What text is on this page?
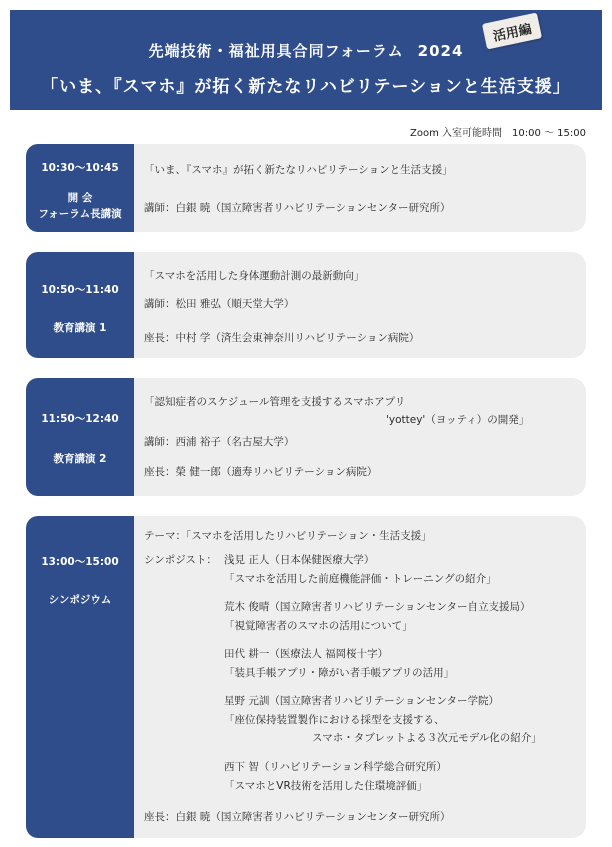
先端技術・福祉用具合同フォーラム 2024
「いま、『スマホ』が拓く新たなリハビリテーションと生活支援」
活用編
Zoom 入室可能時間　10:00 〜 15:00
10:30〜10:45
開 会
フォーラム長講演
「いま、『スマホ』が拓く新たなリハビリテーションと生活支援」
講師：白銀 暁（国立障害者リハビリテーションセンター研究所）
10:50〜11:40
教育講演 1
「スマホを活用した身体運動計測の最新動向」
講師：松田 雅弘（順天堂大学）
座長：中村 学（済生会東神奈川リハビリテーション病院）
11:50〜12:40
教育講演 2
「認知症者のスケジュール管理を支援するスマホアプリ
'yottey'（ヨッティ）の開発」
講師：西浦 裕子（名古屋大学）
座長：榮 健一郎（適寿リハビリテーション病院）
13:00〜15:00
シンポジウム
テーマ：「スマホを活用したリハビリテーション・生活支援」
シンポジスト： 浅見 正人（日本保健医療大学）
「スマホを活用した前庭機能評価・トレーニングの紹介」
荒木 俊晴（国立障害者リハビリテーションセンター自立支援局）
「視覚障害者のスマホの活用について」
田代 耕一（医療法人 福岡桜十字）
「装具手帳アプリ・障がい者手帳アプリの活用」
星野 元訓（国立障害者リハビリテーションセンター学院）
「座位保持装置製作における採型を支援する、
スマホ・タブレットよる３次元モデル化の紹介」
西下 智（リハビリテーション科学総合研究所）
「スマホとVR技術を活用した住環境評価」
座長：白銀 暁（国立障害者リハビリテーションセンター研究所）
